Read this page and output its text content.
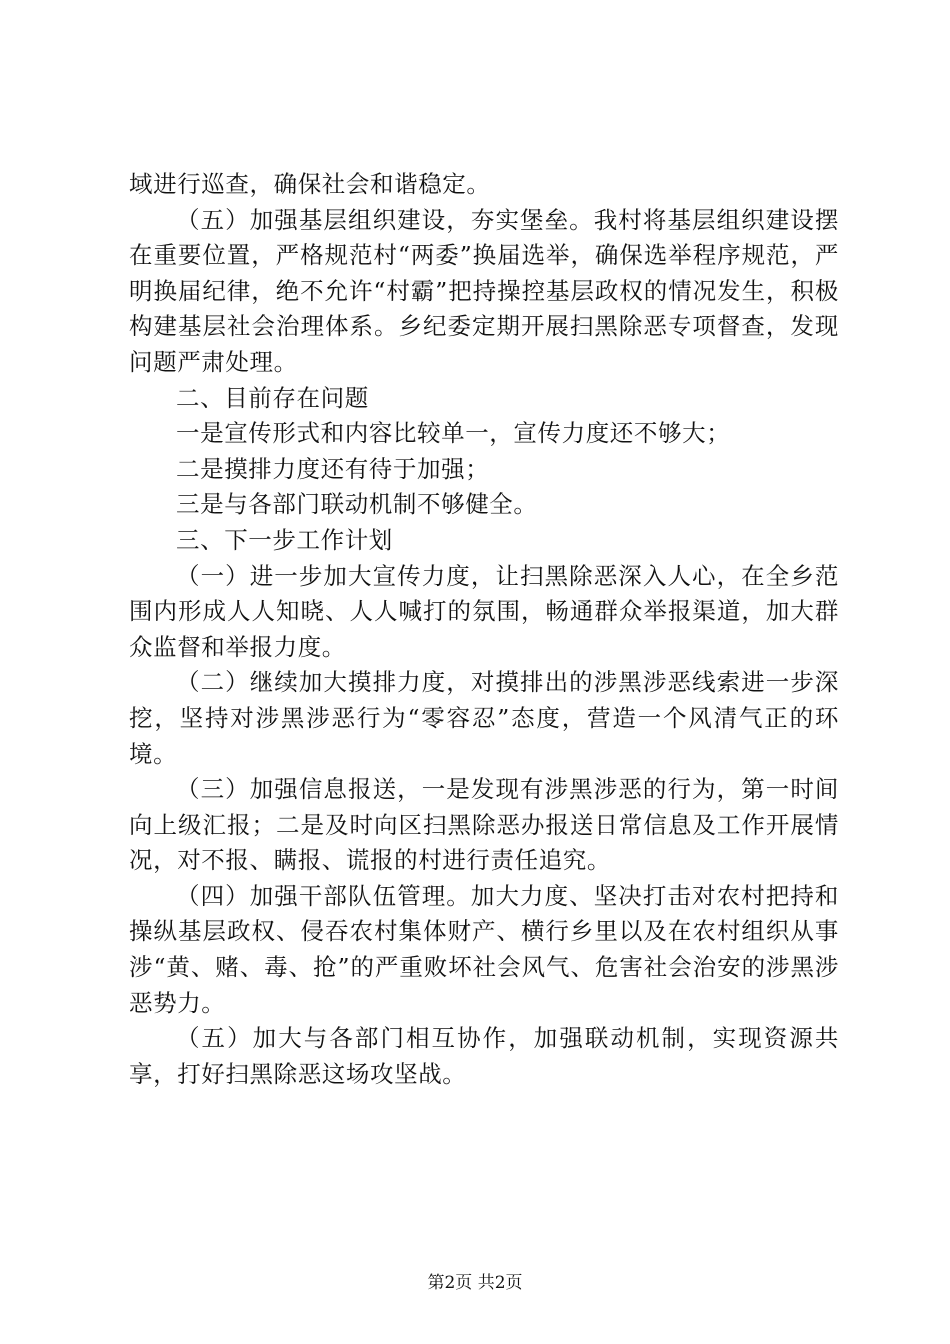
域进行巡查，确保社会和谐稳定。

（五）加强基层组织建设，夯实堡垒。我村将基层组织建设摆在重要位置，严格规范村“两委”换届选举，确保选举程序规范，严明换届纪律，绝不允许“村霸”把持操控基层政权的情况发生，积极构建基层社会治理体系。乡纪委定期开展扫黑除恶专项督查，发现问题严肃处理。

二、目前存在问题

一是宣传形式和内容比较单一，宣传力度还不够大；

二是摸排力度还有待于加强；

三是与各部门联动机制不够健全。

三、下一步工作计划

（一）进一步加大宣传力度，让扫黑除恶深入人心，在全乡范围内形成人人知晓、人人喊打的氛围，畅通群众举报渠道，加大群众监督和举报力度。

（二）继续加大摸排力度，对摸排出的涉黑涉恶线索进一步深挖，坚持对涉黑涉恶行为“零容忍”态度，营造一个风清气正的环境。

（三）加强信息报送，一是发现有涉黑涉恶的行为，第一时间向上级汇报；二是及时向区扫黑除恶办报送日常信息及工作开展情况，对不报、瞒报、谎报的村进行责任追究。

（四）加强干部队伍管理。加大力度、坚决打击对农村把持和操纵基层政权、侵吞农村集体财产、横行乡里以及在农村组织从事涉“黄、赌、毒、抢”的严重败坏社会风气、危害社会治安的涉黑涉恶势力。

（五）加大与各部门相互协作，加强联动机制，实现资源共享，打好扫黑除恶这场攻坚战。

第2页 共2页
